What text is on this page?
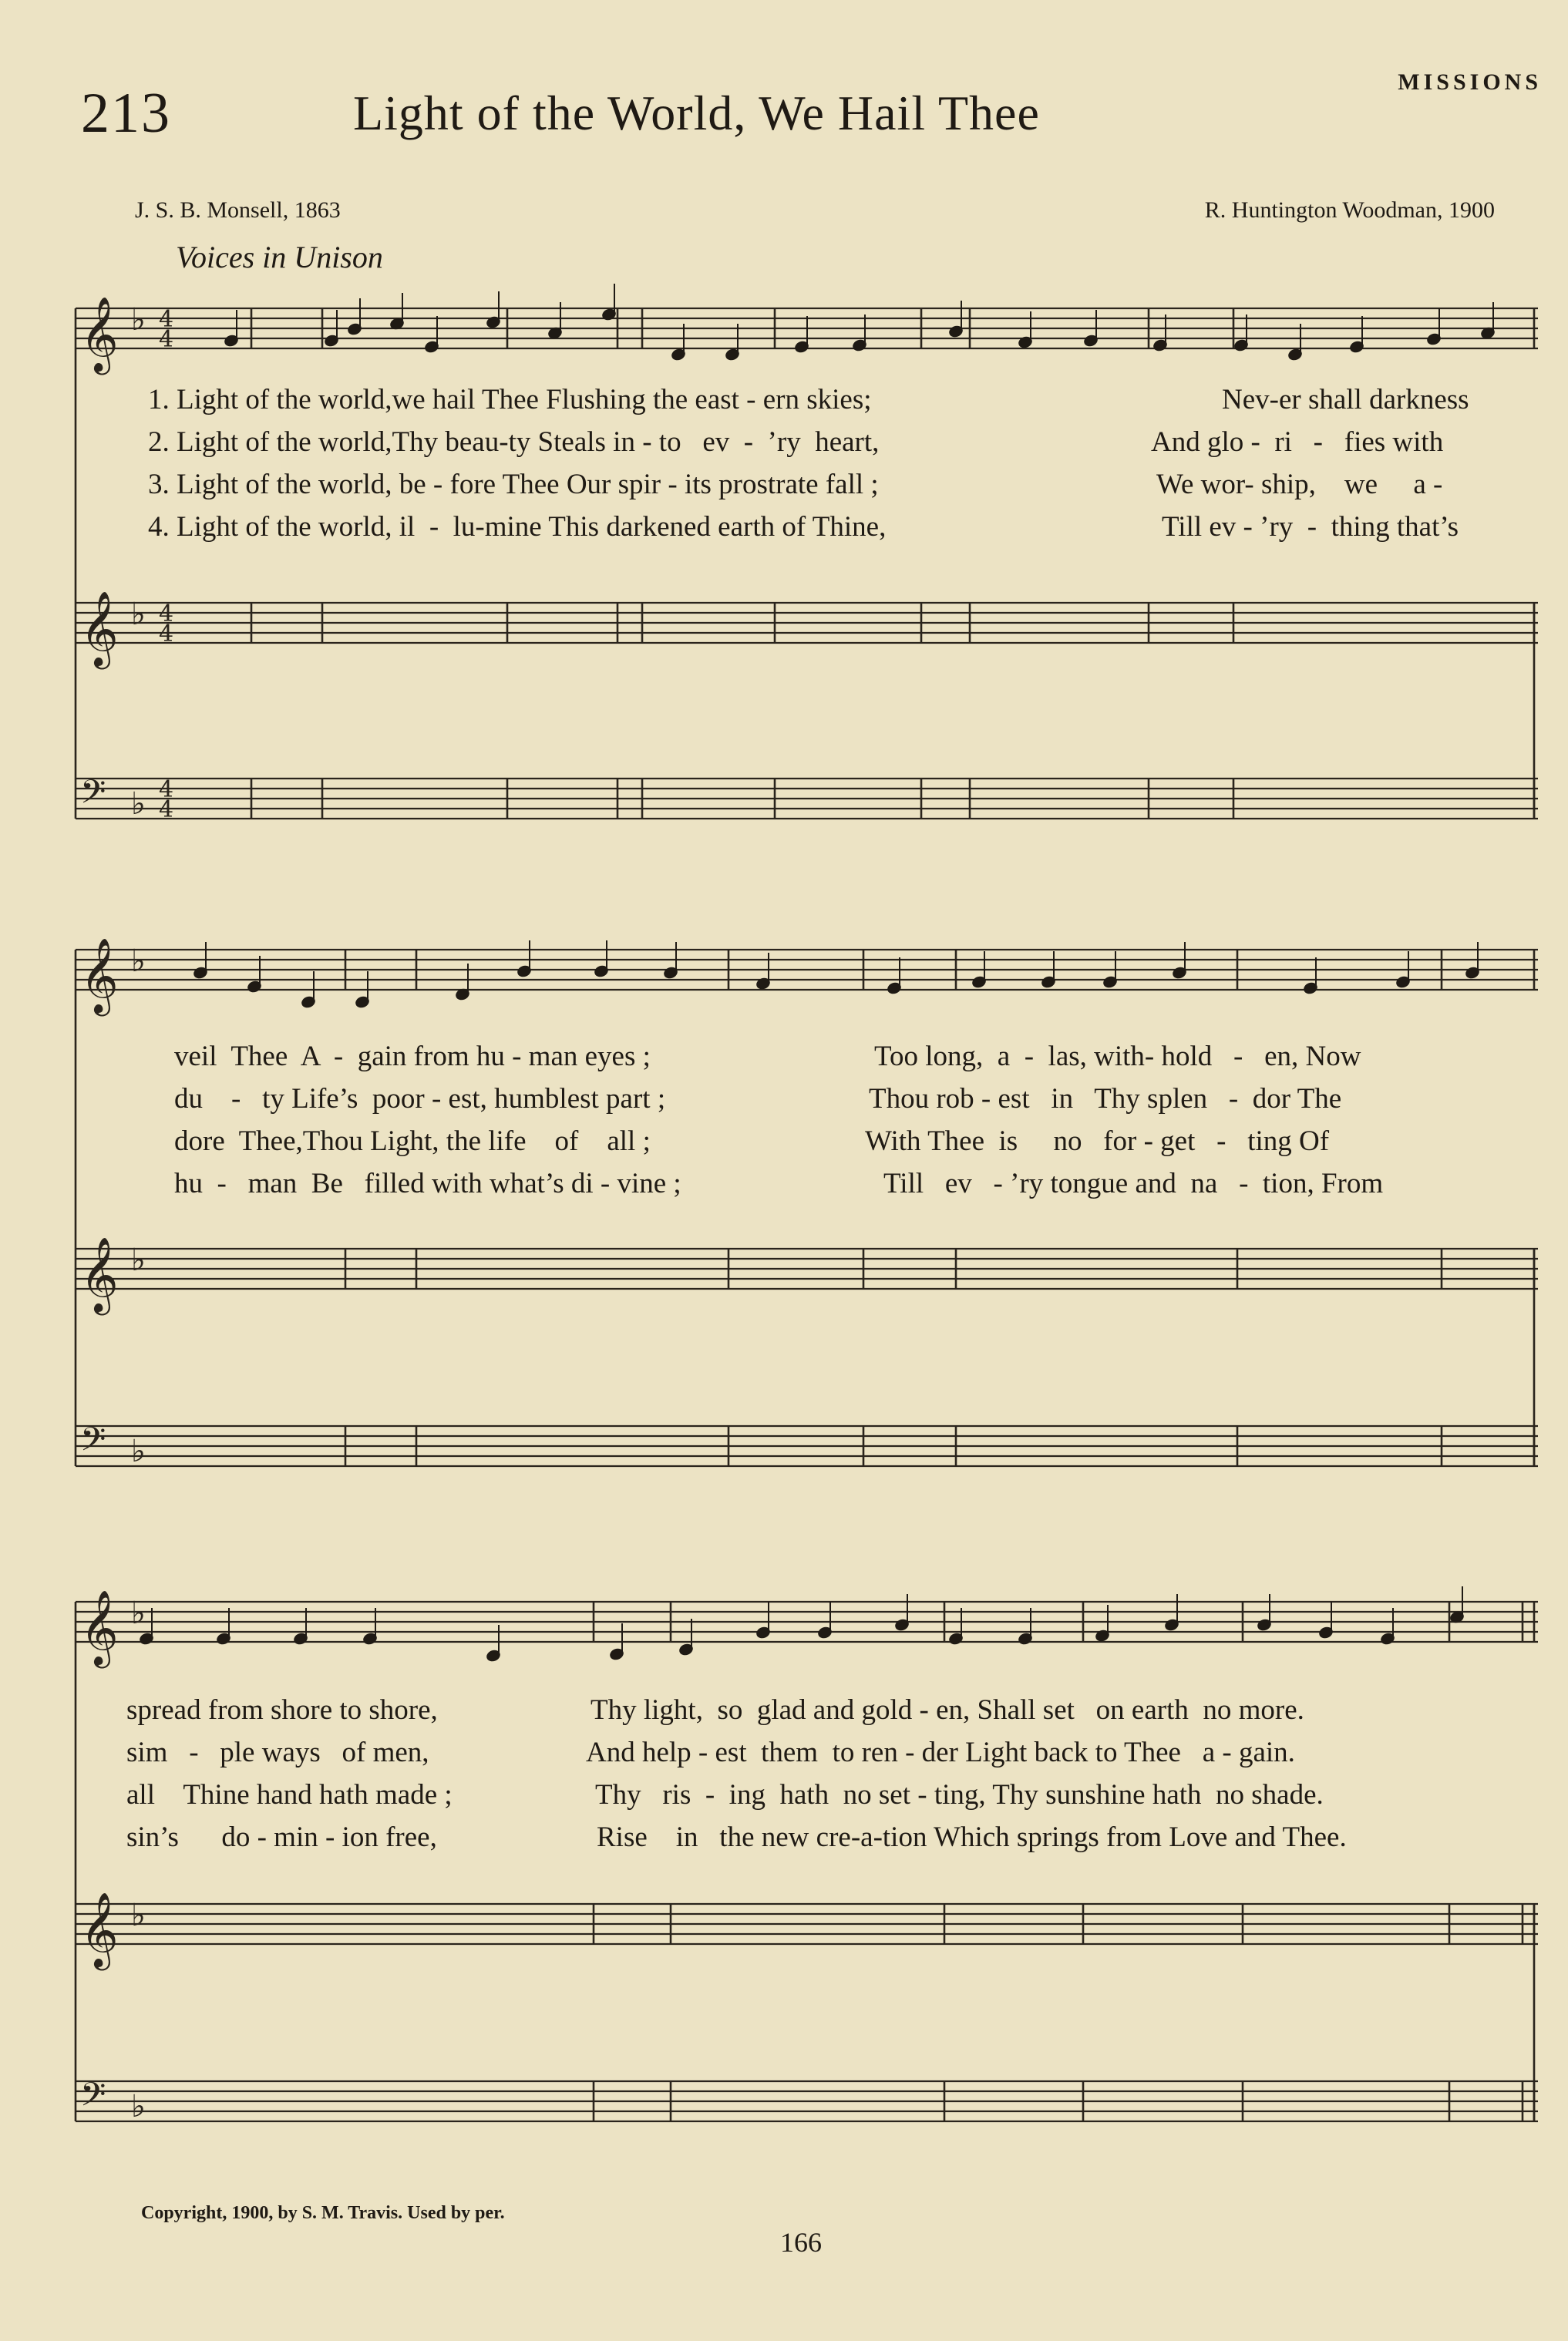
213	Light of the World, We Hail Thee
MISSIONS
J. S. B. Monsell, 1863	R. Huntington Woodman, 1900
Voices in Unison
𝄞 ♭ 4
4
𝄞 ♭ 4
4
𝄢 ♭ 4
4
𝄞 ♭
𝄞 ♭
𝄢 ♭
𝄞 ♭
𝄞 ♭
𝄢 ♭
1. Light of the world,we hail Thee Flushing the east - ern skies;	Nev-er shall darkness
2. Light of the world,Thy beau-ty Steals in - to   ev  -  ’ry  heart,	And glo -  ri   -   fies with
3. Light of the world, be - fore Thee Our spir - its prostrate fall ;	We wor- ship,    we     a -
4. Light of the world, il  -  lu-mine This darkened earth of Thine,	Till ev - ’ry  -  thing that’s
veil  Thee  A  -  gain from hu - man eyes ;	Too long,  a  -  las, with- hold   -   en, Now
du    -   ty Life’s  poor - est, humblest part ;	Thou rob - est   in   Thy splen   -  dor The
dore  Thee,Thou Light, the life    of    all ;	With Thee  is     no   for - get   -   ting Of
hu  -   man  Be   filled with what’s di - vine ;	Till   ev   - ’ry tongue and  na   -  tion, From
spread from shore to shore,	Thy light,  so  glad and gold - en, Shall set   on earth  no more.
sim   -   ple ways   of men,	And help - est  them  to ren - der Light back to Thee   a - gain.
all    Thine hand hath made ;	Thy   ris  -  ing  hath  no set - ting, Thy sunshine hath  no shade.
sin’s      do - min - ion free,	Rise    in   the new cre-a-tion Which springs from Love and Thee.
Copyright, 1900, by S. M. Travis. Used by per.
166
